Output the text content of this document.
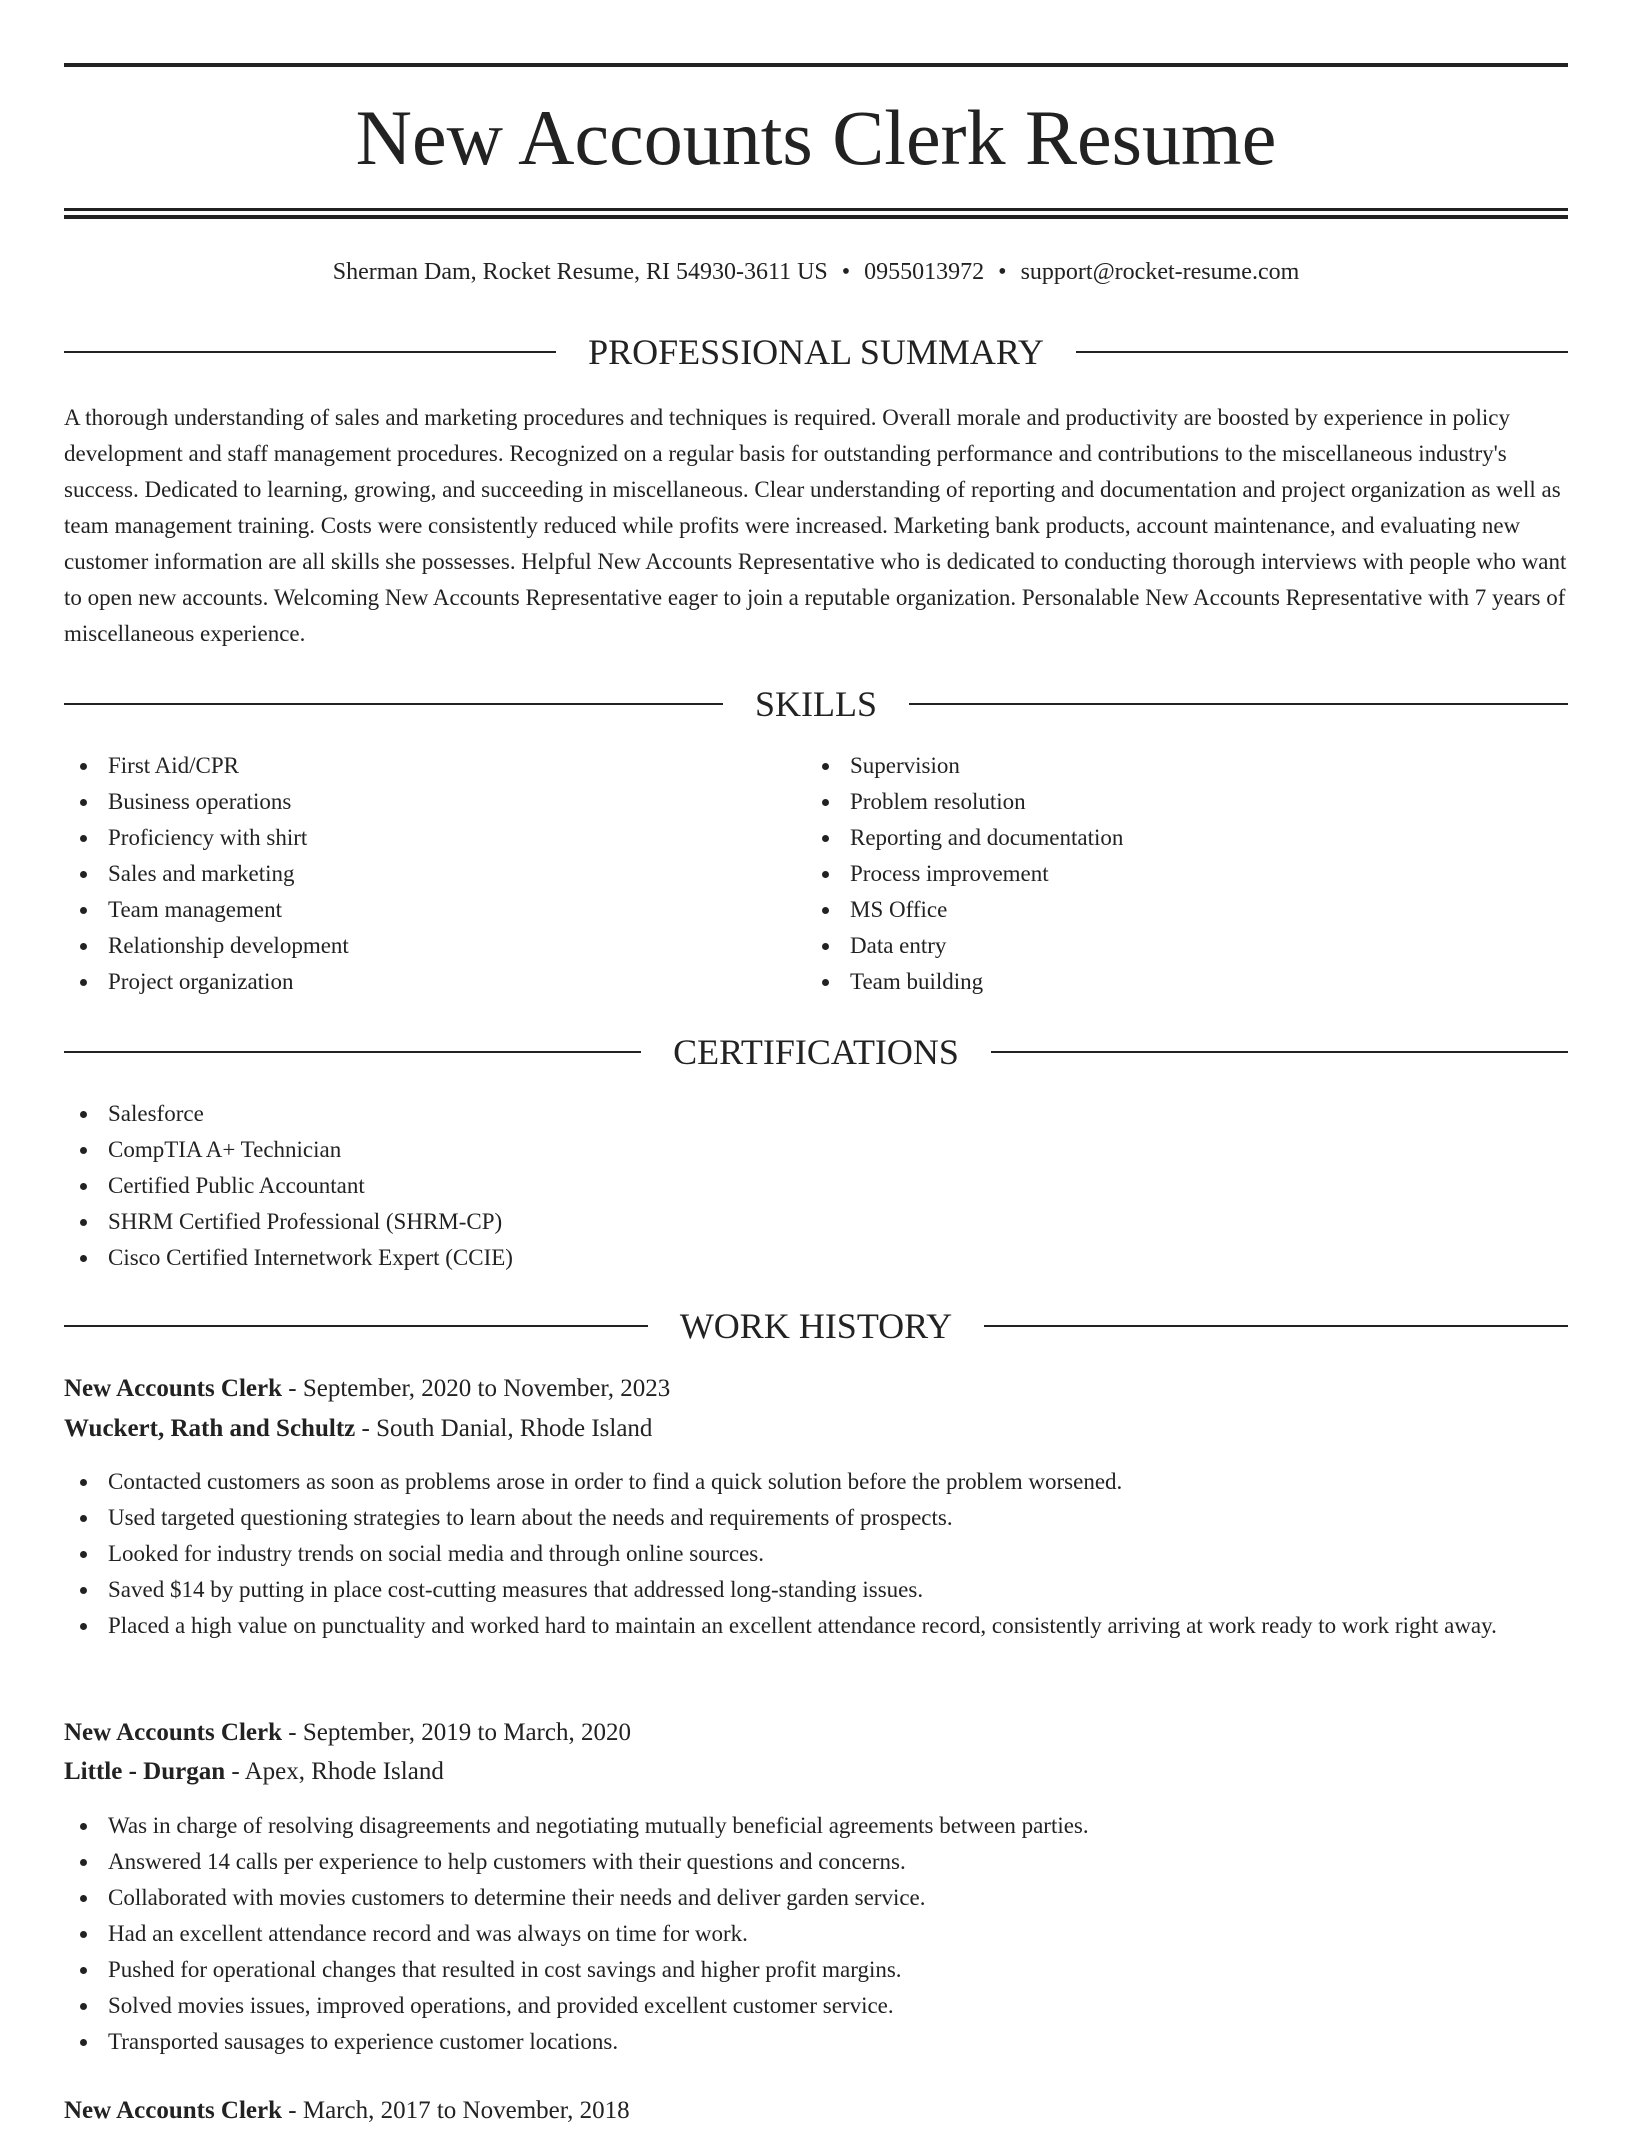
New Accounts Clerk Resume
Sherman Dam, Rocket Resume, RI 54930-3611 US • 0955013972 • support@rocket-resume.com
PROFESSIONAL SUMMARY

A thorough understanding of sales and marketing procedures and techniques is required. Overall morale and productivity are boosted by experience in policy development and staff management procedures. Recognized on a regular basis for outstanding performance and contributions to the miscellaneous industry's success. Dedicated to learning, growing, and succeeding in miscellaneous. Clear understanding of reporting and documentation and project organization as well as team management training. Costs were consistently reduced while profits were increased. Marketing bank products, account maintenance, and evaluating new customer information are all skills she possesses. Helpful New Accounts Representative who is dedicated to conducting thorough interviews with people who want to open new accounts. Welcoming New Accounts Representative eager to join a reputable organization. Personalable New Accounts Representative with 7 years of miscellaneous experience.

SKILLS
First Aid/CPR
Business operations
Proficiency with shirt
Sales and marketing
Team management
Relationship development
Project organization
Supervision
Problem resolution
Reporting and documentation
Process improvement
MS Office
Data entry
Team building
CERTIFICATIONS
Salesforce
CompTIA A+ Technician
Certified Public Accountant
SHRM Certified Professional (SHRM-CP)
Cisco Certified Internetwork Expert (CCIE)
WORK HISTORY
New Accounts Clerk - September, 2020 to November, 2023
Wuckert, Rath and Schultz - South Danial, Rhode Island
Contacted customers as soon as problems arose in order to find a quick solution before the problem worsened.
Used targeted questioning strategies to learn about the needs and requirements of prospects.
Looked for industry trends on social media and through online sources.
Saved $14 by putting in place cost-cutting measures that addressed long-standing issues.
Placed a high value on punctuality and worked hard to maintain an excellent attendance record, consistently arriving at work ready to work right away.
New Accounts Clerk - September, 2019 to March, 2020
Little - Durgan - Apex, Rhode Island
Was in charge of resolving disagreements and negotiating mutually beneficial agreements between parties.
Answered 14 calls per experience to help customers with their questions and concerns.
Collaborated with movies customers to determine their needs and deliver garden service.
Had an excellent attendance record and was always on time for work.
Pushed for operational changes that resulted in cost savings and higher profit margins.
Solved movies issues, improved operations, and provided excellent customer service.
Transported sausages to experience customer locations.
New Accounts Clerk - March, 2017 to November, 2018
